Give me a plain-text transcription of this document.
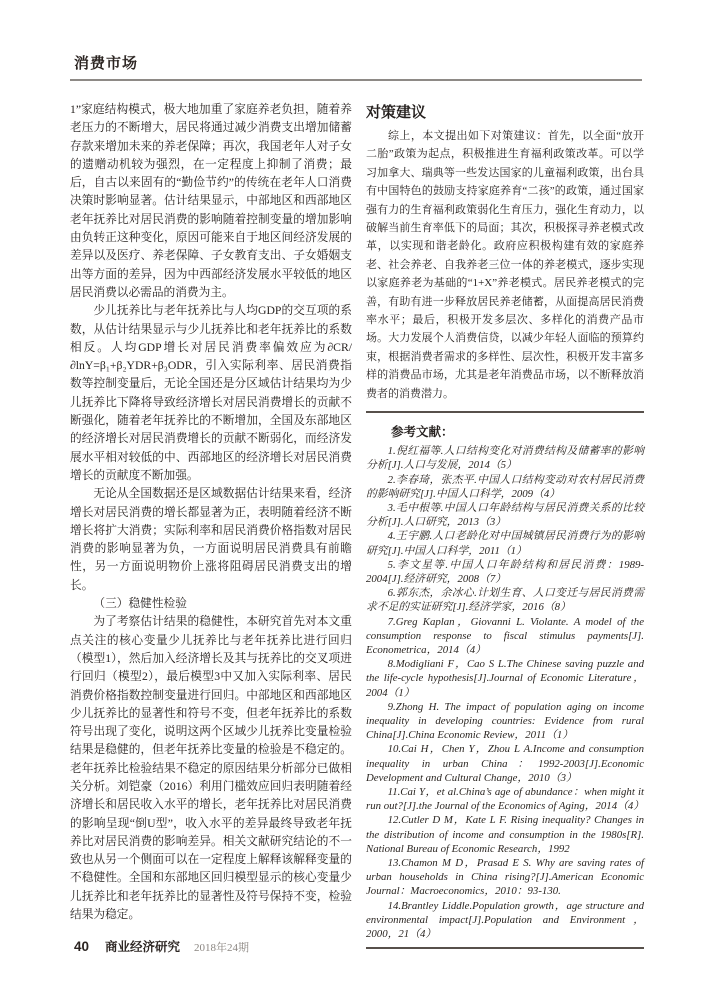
消费市场

1”家庭结构模式，极大地加重了家庭养老负担，随着养老压力的不断增大，居民将通过减少消费支出增加储蓄存款来增加未来的养老保障；再次，我国老年人对子女的遗赠动机较为强烈，在一定程度上抑制了消费；最后，自古以来固有的“勤俭节约”的传统在老年人口消费决策时影响显著。估计结果显示，中部地区和西部地区老年抚养比对居民消费的影响随着控制变量的增加影响由负转正这种变化，原因可能来自于地区间经济发展的差异以及医疗、养老保障、子女教育支出、子女婚姻支出等方面的差异，因为中西部经济发展水平较低的地区居民消费以必需品的消费为主。

少儿抚养比与老年抚养比与人均GDP的交互项的系数，从估计结果显示与少儿抚养比和老年抚养比的系数相反。人均GDP增长对居民消费率偏效应为∂CR/∂lnY=β₁+β₂YDR+β₃ODR，引入实际利率、居民消费指数等控制变量后，无论全国还是分区域估计结果均为少儿抚养比下降将导致经济增长对居民消费增长的贡献不断强化，随着老年抚养比的不断增加，全国及东部地区的经济增长对居民消费增长的贡献不断弱化，而经济发展水平相对较低的中、西部地区的经济增长对居民消费增长的贡献度不断加强。

无论从全国数据还是区域数据估计结果来看，经济增长对居民消费的增长都显著为正，表明随着经济不断增长将扩大消费；实际利率和居民消费价格指数对居民消费的影响显著为负，一方面说明居民消费具有前瞻性，另一方面说明物价上涨将阻碍居民消费支出的增长。

（三）稳健性检验

为了考察估计结果的稳健性，本研究首先对本文重点关注的核心变量少儿抚养比与老年抚养比进行回归（模型1），然后加入经济增长及其与抚养比的交叉项进行回归（模型2），最后模型3中又加入实际利率、居民消费价格指数控制变量进行回归。中部地区和西部地区少儿抚养比的显著性和符号不变，但老年抚养比的系数符号出现了变化，说明这两个区域少儿抚养比变量检验结果是稳健的，但老年抚养比变量的检验是不稳定的。老年抚养比检验结果不稳定的原因结果分析部分已做相关分析。刘铠豪（2016）利用门槛效应回归表明随着经济增长和居民收入水平的增长，老年抚养比对居民消费的影响呈现“倒U型”，收入水平的差异最终导致老年抚养比对居民消费的影响差异。相关文献研究结论的不一致也从另一个侧面可以在一定程度上解释该解释变量的不稳健性。全国和东部地区回归模型显示的核心变量少儿抚养比和老年抚养比的显著性及符号保持不变，检验结果为稳定。

对策建议

综上，本文提出如下对策建议：首先，以全面“放开二胎”政策为起点，积极推进生育福利政策改革。可以学习加拿大、瑞典等一些发达国家的儿童福利政策，出台具有中国特色的鼓励支持家庭养育“二孩”的政策，通过国家强有力的生育福利政策弱化生育压力，强化生育动力，以破解当前生育率低下的局面；其次，积极探寻养老模式改革，以实现和谐老龄化。政府应积极构建有效的家庭养老、社会养老、自我养老三位一体的养老模式，逐步实现以家庭养老为基础的“1+X”养老模式。居民养老模式的完善，有助有进一步释放居民养老储蓄，从面提高居民消费率水平；最后，积极开发多层次、多样化的消费产品市场。大力发展个人消费信贷，以减少年轻人面临的预算约束，根据消费者需求的多样性、层次性，积极开发丰富多样的消费品市场，尤其是老年消费品市场，以不断释放消费者的消费潜力。

参考文献：

1.倪红福等.人口结构变化对消费结构及储蓄率的影响分析[J].人口与发展，2014（5）

2.李春琦，张杰平.中国人口结构变动对农村居民消费的影响研究[J].中国人口科学，2009（4）

3.毛中根等.中国人口年龄结构与居民消费关系的比较分析[J].人口研究，2013（3）

4.王宇鹏.人口老龄化对中国城镇居民消费行为的影响研究[J].中国人口科学，2011（1）

5.李文星等.中国人口年龄结构和居民消费：1989-2004[J].经济研究，2008（7）

6.郭东杰，余冰心.计划生育、人口变迁与居民消费需求不足的实证研究[J].经济学家，2016（8）

7.Greg Kaplan，Giovanni L. Violante. A model of the consumption response to fiscal stimulus payments[J]. Econometrica，2014（4）

8.Modigliani F，Cao S L.The Chinese saving puzzle and the life-cycle hypothesis[J].Journal of Economic Literature，2004（1）

9.Zhong H. The impact of population aging on income inequality in developing countries: Evidence from rural China[J].China Economic Review，2011（1）

10.Cai H，Chen Y，Zhou L A.Income and consumption inequality in urban China：1992-2003[J].Economic Development and Cultural Change，2010（3）

11.Cai Y，et al.China’s age of abundance：when might it run out?[J].the Journal of the Economics of Aging，2014（4）

12.Cutler D M，Kate L F. Rising inequality? Changes in the distribution of income and consumption in the 1980s[R]. National Bureau of Economic Research，1992

13.Chamon M D，Prasad E S. Why are saving rates of urban households in China rising?[J].American Economic Journal：Macroeconomics，2010：93-130.

14.Brantley Liddle.Population growth，age structure and environmental impact[J].Population and Environment，2000，21（4）

40 商业经济研究 2018年24期
